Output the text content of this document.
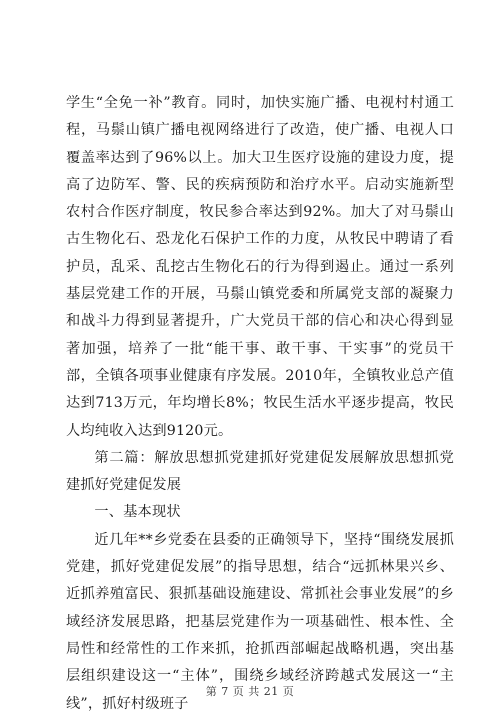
学生“全免一补”教育。同时，加快实施广播、电视村村通工程，马鬃山镇广播电视网络进行了改造，使广播、电视人口覆盖率达到了96%以上。加大卫生医疗设施的建设力度，提高了边防军、警、民的疾病预防和治疗水平。启动实施新型农村合作医疗制度，牧民参合率达到92%。加大了对马鬃山古生物化石、恐龙化石保护工作的力度，从牧民中聘请了看护员，乱采、乱挖古生物化石的行为得到遏止。通过一系列基层党建工作的开展，马鬃山镇党委和所属党支部的凝聚力和战斗力得到显著提升，广大党员干部的信心和决心得到显著加强，培养了一批“能干事、敢干事、干实事”的党员干部，全镇各项事业健康有序发展。2010年，全镇牧业总产值达到713万元，年均增长8%；牧民生活水平逐步提高，牧民人均纯收入达到9120元。

第二篇：解放思想抓党建抓好党建促发展解放思想抓党建抓好党建促发展

一、基本现状

近几年**乡党委在县委的正确领导下，坚持“围绕发展抓党建，抓好党建促发展”的指导思想，结合“远抓林果兴乡、近抓养殖富民、狠抓基础设施建设、常抓社会事业发展”的乡域经济发展思路，把基层党建作为一项基础性、根本性、全局性和经常性的工作来抓，抢抓西部崛起战略机遇，突出基层组织建设这一“主体”，围绕乡域经济跨越式发展这一“主线”，抓好村级班子

第 7 页 共 21 页
